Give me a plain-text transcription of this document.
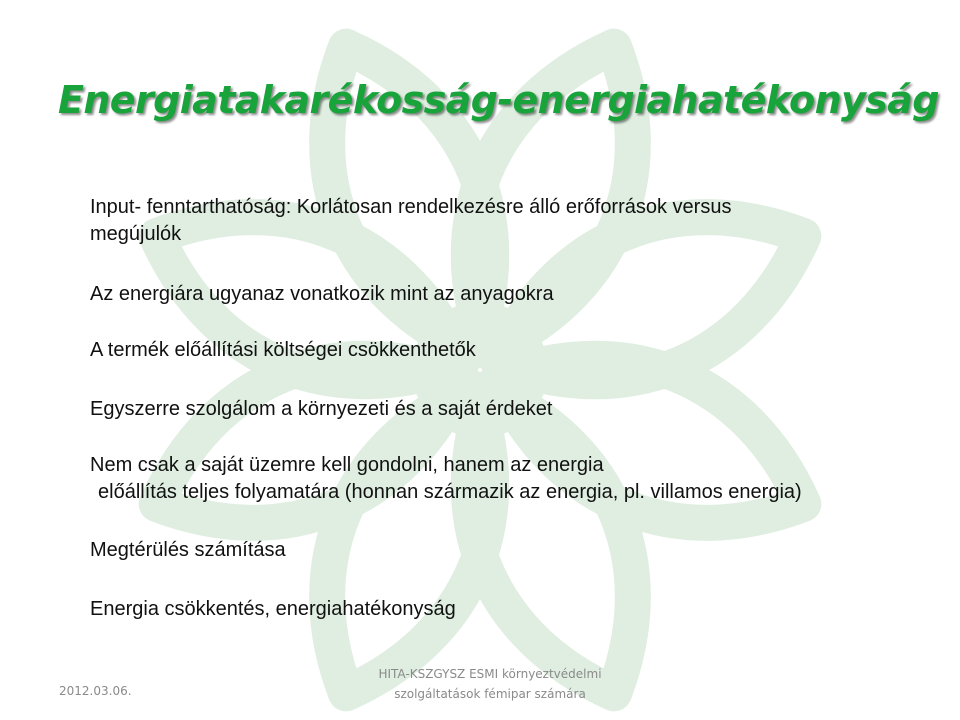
Energiatakarékosság-energiahatékonyság

Input- fenntarthatóság: Korlátosan rendelkezésre álló erőforrások versus
megújulók

Az energiára ugyanaz vonatkozik mint az anyagokra

A termék előállítási költségei csökkenthetők

Egyszerre szolgálom a környezeti és a saját érdeket

Nem csak a saját üzemre kell gondolni, hanem az energia
előállítás teljes folyamatára (honnan származik az energia, pl. villamos energia)

Megtérülés számítása

Energia csökkentés, energiahatékonyság

2012.03.06.
HITA-KSZGYSZ ESMI környeztvédelmi
szolgáltatások fémipar számára
